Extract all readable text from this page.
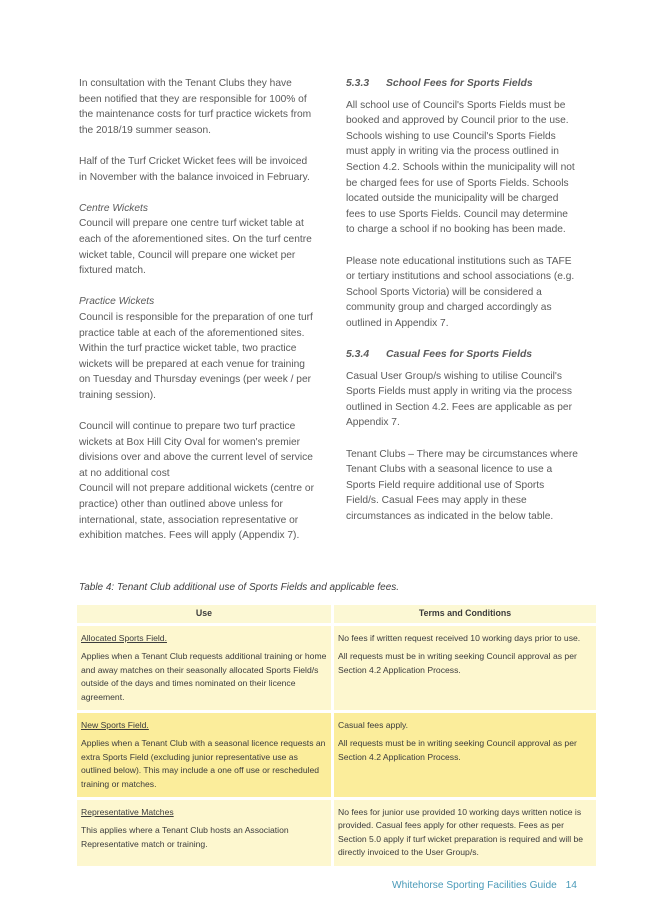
In consultation with the Tenant Clubs they have been notified that they are responsible for 100% of the maintenance costs for turf practice wickets from the 2018/19 summer season.

Half of the Turf Cricket Wicket fees will be invoiced in November with the balance invoiced in February.

Centre Wickets
Council will prepare one centre turf wicket table at each of the aforementioned sites. On the turf centre wicket table, Council will prepare one wicket per fixtured match.

Practice Wickets
Council is responsible for the preparation of one turf practice table at each of the aforementioned sites. Within the turf practice wicket table, two practice wickets will be prepared at each venue for training on Tuesday and Thursday evenings (per week / per training session).

Council will continue to prepare two turf practice wickets at Box Hill City Oval for women's premier divisions over and above the current level of service at no additional cost

Council will not prepare additional wickets (centre or practice) other than outlined above unless for international, state, association representative or exhibition matches. Fees will apply (Appendix 7).

5.3.3	School Fees for Sports Fields

All school use of Council's Sports Fields must be booked and approved by Council prior to the use. Schools wishing to use Council's Sports Fields must apply in writing via the process outlined in Section 4.2. Schools within the municipality will not be charged fees for use of Sports Fields. Schools located outside the municipality will be charged fees to use Sports Fields. Council may determine to charge a school if no booking has been made.

Please note educational institutions such as TAFE or tertiary institutions and school associations (e.g. School Sports Victoria) will be considered a community group and charged accordingly as outlined in Appendix 7.

5.3.4	Casual Fees for Sports Fields

Casual User Group/s wishing to utilise Council's Sports Fields must apply in writing via the process outlined in Section 4.2. Fees are applicable as per Appendix 7.

Tenant Clubs – There may be circumstances where Tenant Clubs with a seasonal licence to use a Sports Field require additional use of Sports Field/s. Casual Fees may apply in these circumstances as indicated in the below table.

Table 4: Tenant Club additional use of Sports Fields and applicable fees.
Use	Terms and Conditions

Allocated Sports Field.
Applies when a Tenant Club requests additional training or home and away matches on their seasonally allocated Sports Field/s outside of the days and times nominated on their licence agreement.	No fees if written request received 10 working days prior to use.
All requests must be in writing seeking Council approval as per Section 4.2 Application Process.

New Sports Field.
Applies when a Tenant Club with a seasonal licence requests an extra Sports Field (excluding junior representative use as outlined below). This may include a one off use or rescheduled training or matches.	Casual fees apply.
All requests must be in writing seeking Council approval as per Section 4.2 Application Process.

Representative Matches
This applies where a Tenant Club hosts an Association Representative match or training.	No fees for junior use provided 10 working days written notice is provided. Casual fees apply for other requests. Fees as per Section 5.0 apply if turf wicket preparation is required and will be directly invoiced to the User Group/s.
Whitehorse Sporting Facilities Guide 14
